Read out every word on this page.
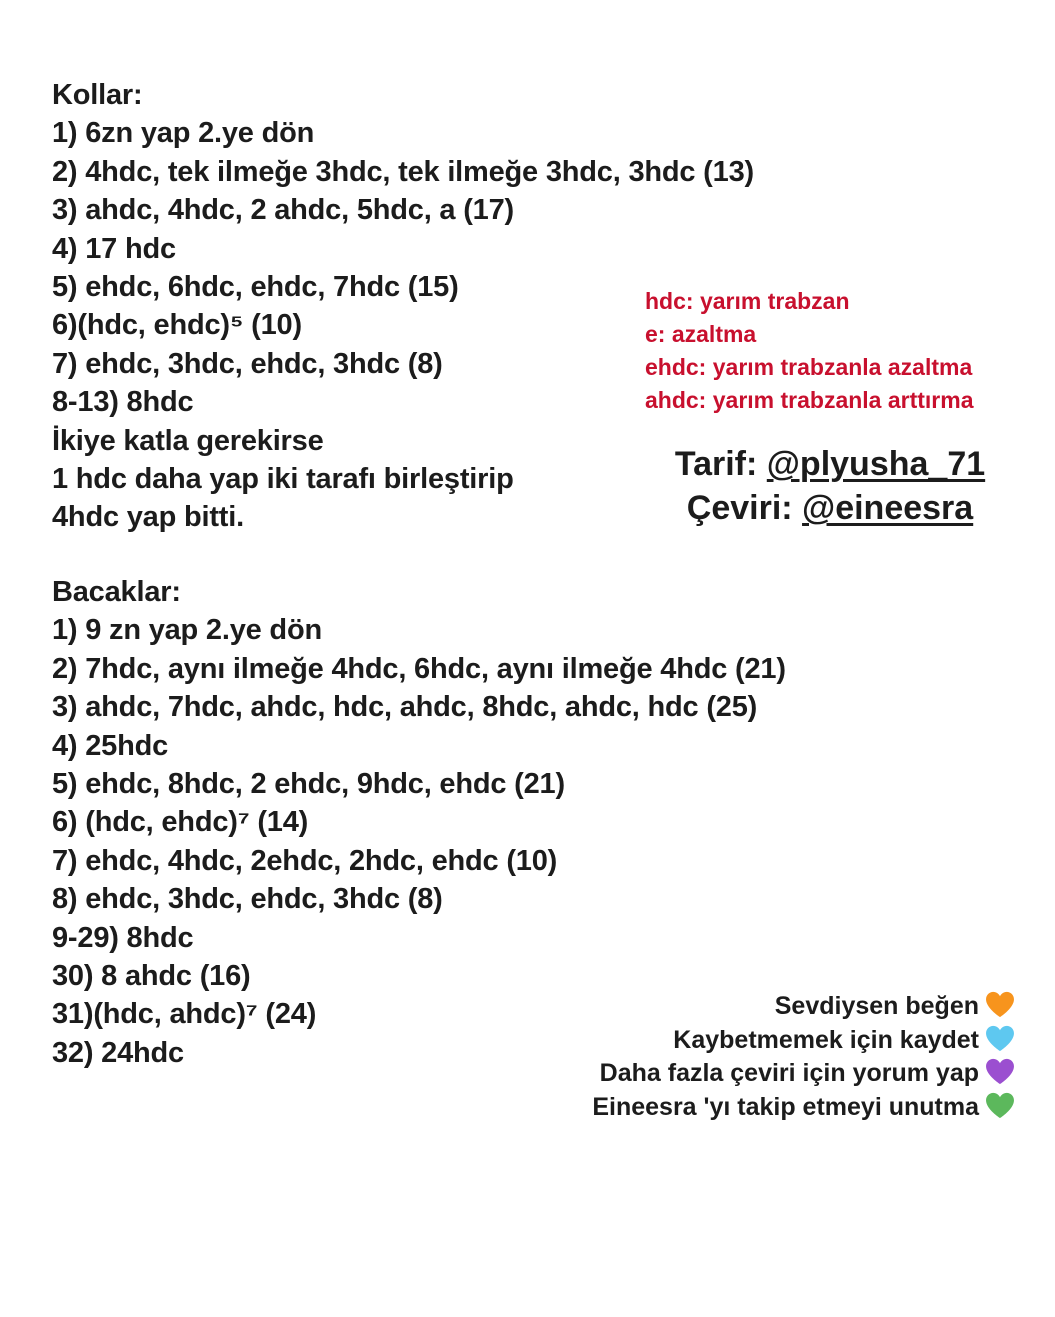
Kollar:
1) 6zn yap 2.ye dön
2) 4hdc, tek ilmeğe 3hdc, tek ilmeğe 3hdc, 3hdc (13)
3) ahdc, 4hdc, 2 ahdc, 5hdc, a (17)
4) 17 hdc
5) ehdc, 6hdc, ehdc, 7hdc (15)
6)(hdc, ehdc)⁵ (10)
7) ehdc, 3hdc, ehdc, 3hdc (8)
8-13) 8hdc
İkiye katla gerekirse
1 hdc daha yap iki tarafı birleştirip
4hdc yap bitti.
hdc: yarım trabzan
e: azaltma
ehdc: yarım trabzanla azaltma
ahdc: yarım trabzanla arttırma
Tarif: @plyusha_71
Çeviri: @eineesra
Bacaklar:
1) 9 zn yap 2.ye dön
2) 7hdc, aynı ilmeğe 4hdc, 6hdc, aynı ilmeğe 4hdc (21)
3) ahdc, 7hdc, ahdc, hdc, ahdc, 8hdc, ahdc, hdc (25)
4) 25hdc
5) ehdc, 8hdc, 2 ehdc, 9hdc, ehdc (21)
6) (hdc, ehdc)⁷ (14)
7) ehdc, 4hdc, 2ehdc, 2hdc, ehdc (10)
8) ehdc, 3hdc, ehdc, 3hdc (8)
9-29) 8hdc
30) 8 ahdc (16)
31)(hdc, ahdc)⁷ (24)
32) 24hdc
Sevdiysen beğen
Kaybetmemek için kaydet
Daha fazla çeviri için yorum yap
Eineesra 'yı takip etmeyi unutma
